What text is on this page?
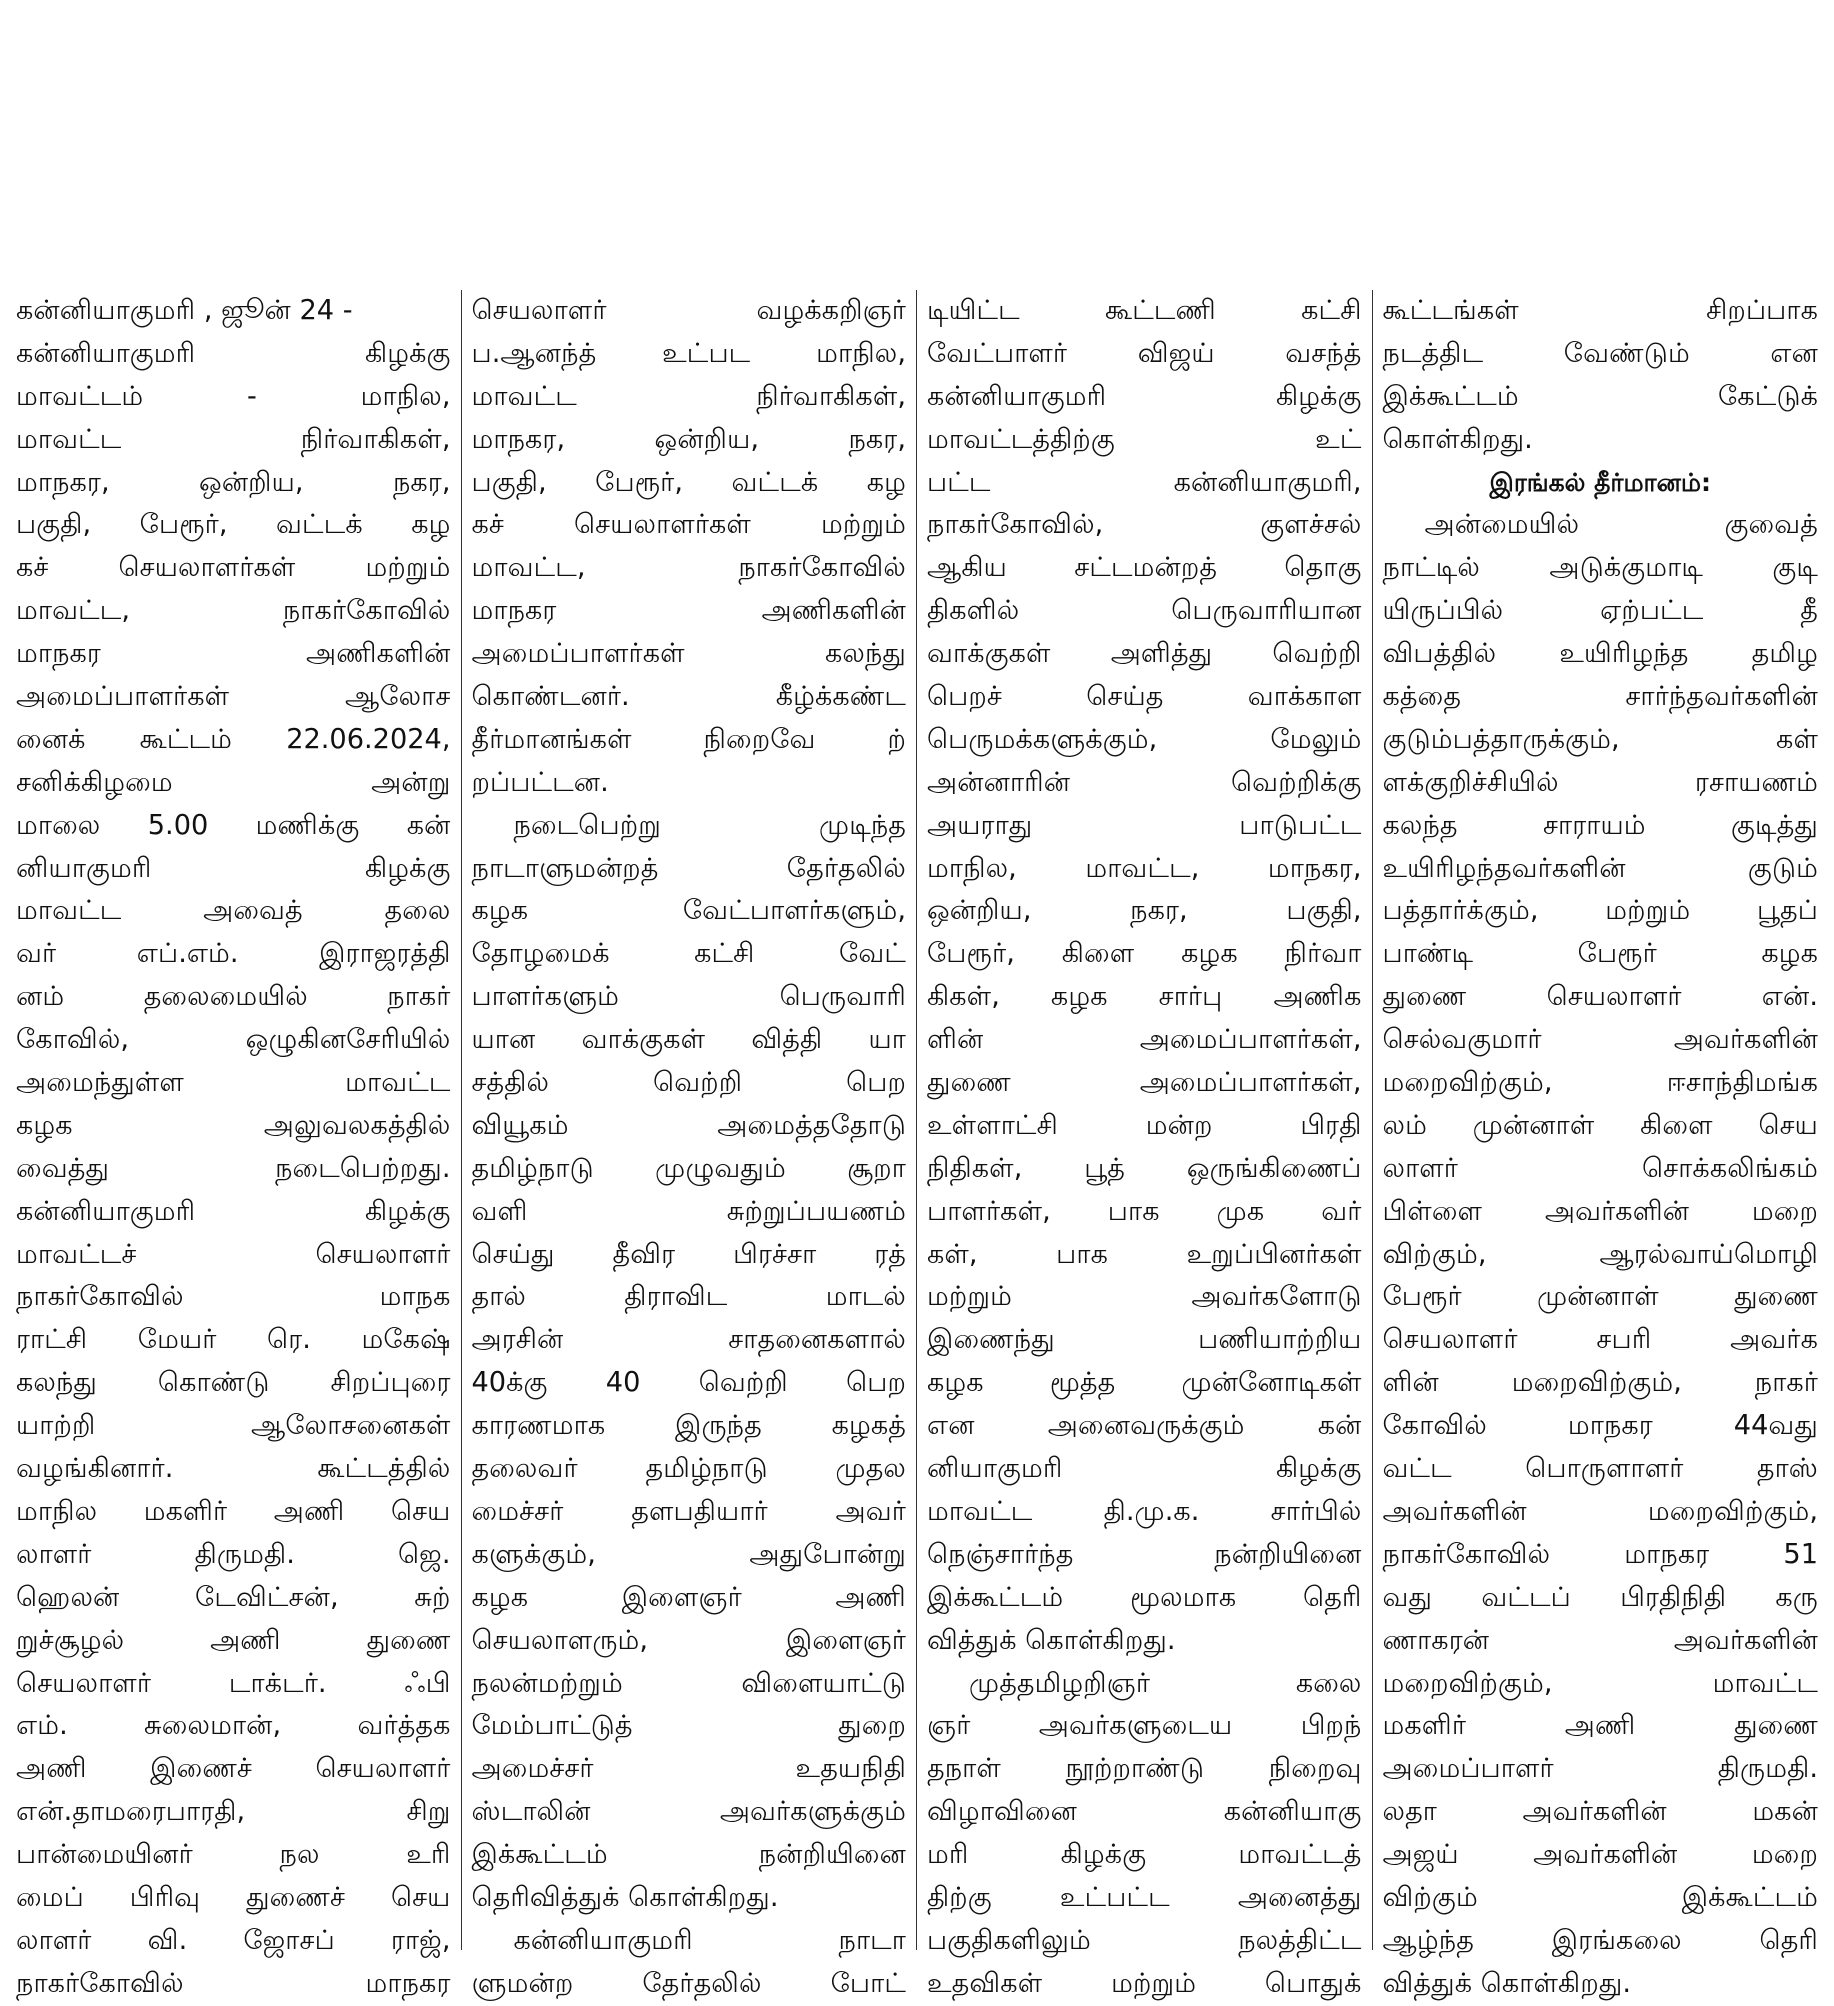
கன்னியாகுமரி , ஜூன் 24 -
கன்னியாகுமரி கிழக்கு
மாவட்டம் - மாநில,
மாவட்ட நிர்வாகிகள்,
மாநகர, ஒன்றிய, நகர,
பகுதி, பேரூர், வட்டக் கழ
கச் செயலாளர்கள் மற்றும்
மாவட்ட, நாகர்கோவில்
மாநகர அணிகளின்
அமைப்பாளர்கள் ஆலோச
னைக் கூட்டம் 22.06.2024,
சனிக்கிழமை அன்று
மாலை 5.00 மணிக்கு கன்
னியாகுமரி கிழக்கு
மாவட்ட அவைத் தலை
வர் எப்.எம். இராஜரத்தி
னம் தலைமையில் நாகர்
கோவில், ஒழுகினசேரியில்
அமைந்துள்ள மாவட்ட
கழக அலுவலகத்தில்
வைத்து நடைபெற்றது.
கன்னியாகுமரி கிழக்கு
மாவட்டச் செயலாளர்
நாகர்கோவில் மாநக
ராட்சி மேயர் ரெ. மகேஷ்
கலந்து கொண்டு சிறப்புரை
யாற்றி ஆலோசனைகள்
வழங்கினார். கூட்டத்தில்
மாநில மகளிர் அணி செய
லாளர் திருமதி. ஜெ.
ஹெலன் டேவிட்சன், சுற்
றுச்சூழல் அணி துணை
செயலாளர் டாக்டர். ஃபி
எம். சுலைமான், வர்த்தக
அணி இணைச் செயலாளர்
என்.தாமரைபாரதி, சிறு
பான்மையினர் நல உரி
மைப் பிரிவு துணைச் செய
லாளர் வி. ஜோசப் ராஜ்,
நாகர்கோவில் மாநகர
செயலாளர் வழக்கறிஞர்
ப.ஆனந்த் உட்பட மாநில,
மாவட்ட நிர்வாகிகள்,
மாநகர, ஒன்றிய, நகர,
பகுதி, பேரூர், வட்டக் கழ
கச் செயலாளர்கள் மற்றும்
மாவட்ட, நாகர்கோவில்
மாநகர அணிகளின்
அமைப்பாளர்கள் கலந்து
கொண்டனர். கீழ்க்கண்ட
தீர்மானங்கள் நிறைவே ற்
றப்பட்டன.
நடைபெற்று முடிந்த
நாடாளுமன்றத் தேர்தலில்
கழக வேட்பாளர்களும்,
தோழமைக் கட்சி வேட்
பாளர்களும் பெருவாரி
யான வாக்குகள் வித்தி யா
சத்தில் வெற்றி பெற
வியூகம் அமைத்ததோடு
தமிழ்நாடு முழுவதும் சூறா
வளி சுற்றுப்பயணம்
செய்து தீவிர பிரச்சா ரத்
தால் திராவிட மாடல்
அரசின் சாதனைகளால்
40க்கு 40 வெற்றி பெற
காரணமாக இருந்த கழகத்
தலைவர் தமிழ்நாடு முதல
மைச்சர் தளபதியார் அவர்
களுக்கும், அதுபோன்று
கழக இளைஞர் அணி
செயலாளரும், இளைஞர்
நலன்மற்றும் விளையாட்டு
மேம்பாட்டுத் துறை
அமைச்சர் உதயநிதி
ஸ்டாலின் அவர்களுக்கும்
இக்கூட்டம் நன்றியினை
தெரிவித்துக் கொள்கிறது.
கன்னியாகுமரி நாடா
ளுமன்ற தேர்தலில் போட்
டியிட்ட கூட்டணி கட்சி
வேட்பாளர் விஜய் வசந்த்
கன்னியாகுமரி கிழக்கு
மாவட்டத்திற்கு உட்
பட்ட கன்னியாகுமரி,
நாகர்கோவில், குளச்சல்
ஆகிய சட்டமன்றத் தொகு
திகளில் பெருவாரியான
வாக்குகள் அளித்து வெற்றி
பெறச் செய்த வாக்காள
பெருமக்களுக்கும், மேலும்
அன்னாரின் வெற்றிக்கு
அயராது பாடுபட்ட
மாநில, மாவட்ட, மாநகர,
ஒன்றிய, நகர, பகுதி,
பேரூர், கிளை கழக நிர்வா
கிகள், கழக சார்பு அணிக
ளின் அமைப்பாளர்கள்,
துணை அமைப்பாளர்கள்,
உள்ளாட்சி மன்ற பிரதி
நிதிகள், பூத் ஒருங்கிணைப்
பாளர்கள், பாக முக வர்
கள், பாக உறுப்பினர்கள்
மற்றும் அவர்களோடு
இணைந்து பணியாற்றிய
கழக மூத்த முன்னோடிகள்
என அனைவருக்கும் கன்
னியாகுமரி கிழக்கு
மாவட்ட தி.மு.க. சார்பில்
நெஞ்சார்ந்த நன்றியினை
இக்கூட்டம் மூலமாக தெரி
வித்துக் கொள்கிறது.
முத்தமிழறிஞர் கலை
ஞர் அவர்களுடைய பிறந்
தநாள் நூற்றாண்டு நிறைவு
விழாவினை கன்னியாகு
மரி கிழக்கு மாவட்டத்
திற்கு உட்பட்ட அனைத்து
பகுதிகளிலும் நலத்திட்ட
உதவிகள் மற்றும் பொதுக்
கூட்டங்கள் சிறப்பாக
நடத்திட வேண்டும் என
இக்கூட்டம் கேட்டுக்
கொள்கிறது.
இரங்கல் தீர்மானம்:
அன்மையில் குவைத்
நாட்டில் அடுக்குமாடி குடி
யிருப்பில் ஏற்பட்ட தீ
விபத்தில் உயிரிழந்த தமிழ
கத்தை சார்ந்தவர்களின்
குடும்பத்தாருக்கும், கள்
ளக்குறிச்சியில் ரசாயணம்
கலந்த சாராயம் குடித்து
உயிரிழந்தவர்களின் குடும்
பத்தார்க்கும், மற்றும் பூதப்
பாண்டி பேரூர் கழக
துணை செயலாளர் என்.
செல்வகுமார் அவர்களின்
மறைவிற்கும், ஈசாந்திமங்க
லம் முன்னாள் கிளை செய
லாளர் சொக்கலிங்கம்
பிள்ளை அவர்களின் மறை
விற்கும், ஆரல்வாய்மொழி
பேரூர் முன்னாள் துணை
செயலாளர் சபரி அவர்க
ளின் மறைவிற்கும், நாகர்
கோவில் மாநகர 44வது
வட்ட பொருளாளர் தாஸ்
அவர்களின் மறைவிற்கும்,
நாகர்கோவில் மாநகர 51
வது வட்டப் பிரதிநிதி கரு
ணாகரன் அவர்களின்
மறைவிற்கும், மாவட்ட
மகளிர் அணி துணை
அமைப்பாளர் திருமதி.
லதா அவர்களின் மகன்
அஜய் அவர்களின் மறை
விற்கும் இக்கூட்டம்
ஆழ்ந்த இரங்கலை தெரி
வித்துக் கொள்கிறது.
